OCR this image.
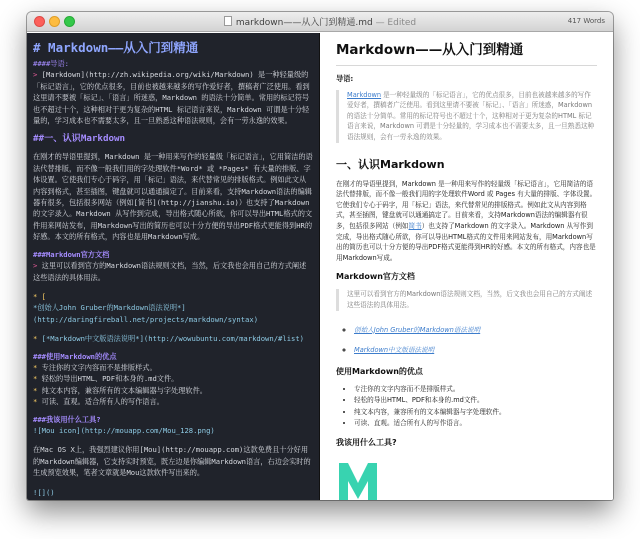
markdown——从入门到精通.md — Edited	417 Words
# Markdown——从入门到精通
####导语:
> [Markdown](http://zh.wikipedia.org/wiki/Markdown) 是一种轻量级的「标记语言」，它的优点很多，目前也被越来越多的写作爱好者，撰稿者广泛使用。看到这里请不要被「标记」、「语言」所迷惑，Markdown 的语法十分简单。常用的标记符号也不超过十个，这种相对于更为复杂的HTML 标记语言来说，Markdown 可谓是十分轻量的，学习成本也不需要太多，且一旦熟悉这种语法规则，会有一劳永逸的效果。
##一、认识Markdown
在刚才的导语里提到，Markdown 是一种用来写作的轻量级「标记语言」，它用简洁的语法代替排版，而不像一般我们用的字处理软件*Word* 或 *Pages* 有大量的排版、字体设置。它使我们专心于码字，用「标记」语法，来代替常见的排版格式。例如此文从内容到格式，甚至插图，键盘就可以通通搞定了。目前来看，支持Markdown语法的编辑器有很多，包括很多网站（例如[简书](http://jianshu.io)）也支持了Markdown 的文字录入。Markdown 从写作到完成，导出格式随心所欲，你可以导出HTML格式的文件用来网站发布，用Markdown写出的简历也可以十分方便的导出PDF格式更能得到HR的好感。本文的所有格式，内容也是用Markdown写成。
###Markdown官方文档
> 这里可以看到官方的Markdown语法规则文档，当然，后文我也会用自己的方式阐述这些语法的具体用法。
* [
*创始人John Gruber的Markdown语法说明*](http://daringfireball.net/projects/markdown/syntax)
* [*Markdown中文版语法说明*](http://wowubuntu.com/markdown/#list)
###使用Markdown的优点
* 专注你的文字内容而不是排版样式。
* 轻松的导出HTML、PDF和本身的.md文件。
* 纯文本内容，兼容所有的文本编辑器与字处理软件。
* 可读、直观。适合所有人的写作语言。
###我该用什么工具?
![Mou icon](http://mouapp.com/Mou_128.png)
在Mac OS X上，我强烈建议你用[Mou](http://mouapp.com)这款免费且十分好用的Markdown编辑器，它支持实时预览，既左边是你编辑Markdown语言，右边会实时的生成预览效果，笔者文章就是Mou这款软件写出来的。
![]()
Markdown——从入门到精通
导语:
Markdown 是一种轻量级的「标记语言」，它的优点很多，目前也被越来越多的写作爱好者，撰稿者广泛使用。看到这里请不要被「标记」、「语言」所迷惑，Markdown 的语法十分简单。常用的标记符号也不超过十个，这种相对于更为复杂的HTML 标记语言来说，Markdown 可谓是十分轻量的，学习成本也不需要太多，且一旦熟悉这种语法规则，会有一劳永逸的效果。
一、认识Markdown
在刚才的导语里提到，Markdown 是一种用来写作的轻量级「标记语言」，它用简洁的语法代替排版，而不像一般我们用的字处理软件Word 或 Pages 有大量的排版、字体设置。它使我们专心于码字，用「标记」语法，来代替常见的排版格式。例如此文从内容到格式，甚至插图，键盘就可以通通搞定了。目前来看，支持Markdown语法的编辑器有很多，包括很多网站（例如简书）也支持了Markdown 的文字录入。Markdown 从写作到完成，导出格式随心所欲，你可以导出HTML格式的文件用来网站发布，用Markdown写出的简历也可以十分方便的导出PDF格式更能得到HR的好感。本文的所有格式，内容也是用Markdown写成。
Markdown官方文档
这里可以看到官方的Markdown语法规则文档，当然，后文我也会用自己的方式阐述这些语法的具体用法。
◦ 创始人John Gruber的Markdown语法说明
◦ Markdown中文版语法说明
使用Markdown的优点
• 专注你的文字内容而不是排版样式。
• 轻松的导出HTML、PDF和本身的.md文件。
• 纯文本内容，兼容所有的文本编辑器与字处理软件。
• 可读、直观。适合所有人的写作语言。
我该用什么工具?
